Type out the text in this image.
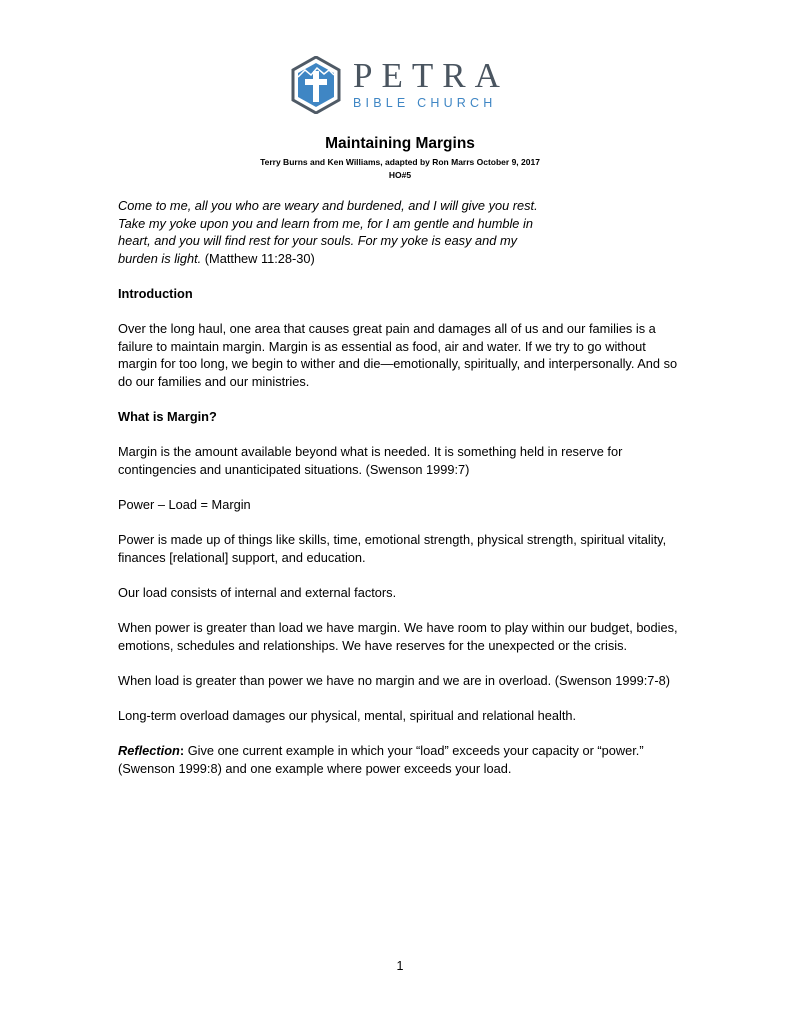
PETRA
BIBLE CHURCH
Maintaining Margins
Terry Burns and Ken Williams, adapted by Ron Marrs October 9, 2017
HO#5

Come to me, all you who are weary and burdened, and I will give you rest. Take my yoke upon you and learn from me, for I am gentle and humble in heart, and you will find rest for your souls. For my yoke is easy and my burden is light. (Matthew 11:28-30)

Introduction

Over the long haul, one area that causes great pain and damages all of us and our families is a failure to maintain margin. Margin is as essential as food, air and water. If we try to go without margin for too long, we begin to wither and die—emotionally, spiritually, and interpersonally. And so do our families and our ministries.

What is Margin?

Margin is the amount available beyond what is needed. It is something held in reserve for contingencies and unanticipated situations. (Swenson 1999:7)

Power – Load = Margin

Power is made up of things like skills, time, emotional strength, physical strength, spiritual vitality, finances [relational] support, and education.

Our load consists of internal and external factors.

When power is greater than load we have margin. We have room to play within our budget, bodies, emotions, schedules and relationships. We have reserves for the unexpected or the crisis.

When load is greater than power we have no margin and we are in overload. (Swenson 1999:7-8)

Long-term overload damages our physical, mental, spiritual and relational health.

Reflection: Give one current example in which your “load” exceeds your capacity or “power.” (Swenson 1999:8) and one example where power exceeds your load.

1
